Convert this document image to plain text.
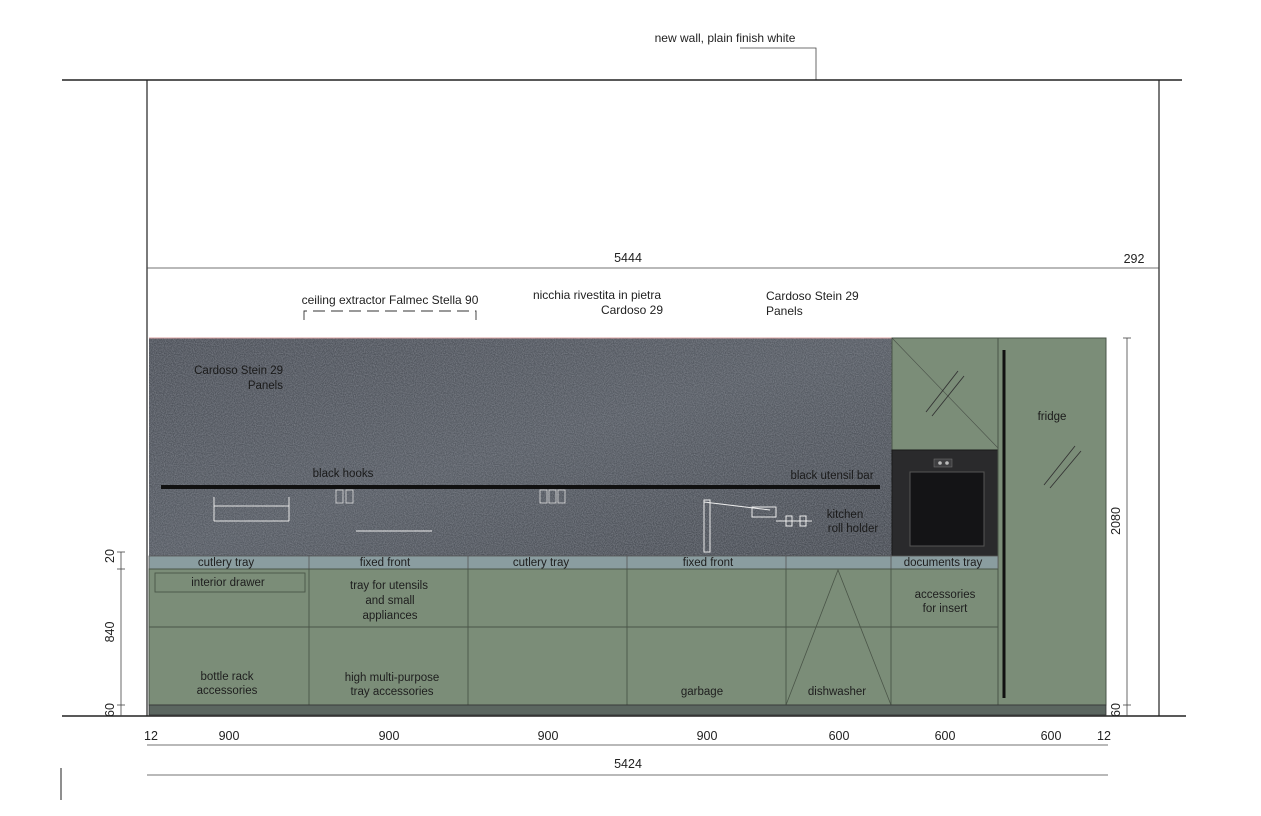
new wall, plain finish white
5444	292
ceiling extractor Falmec Stella 90	nicchia rivestita in pietra
Cardoso 29
Cardoso Stein 29
Panels
Cardoso Stein 29
Panels
black hooks	black utensil bar
kitchen
roll holder
fridge
cutlery tray	fixed front	cutlery tray	fixed front	documents tray
interior drawer	tray for utensils
and small
appliances
accessories
for insert
bottle rack
accessories
high multi-purpose
tray accessories	garbage	dishwasher
20
840
60
2080
60
12	900	900	900	900	600	600	600	12
5424
